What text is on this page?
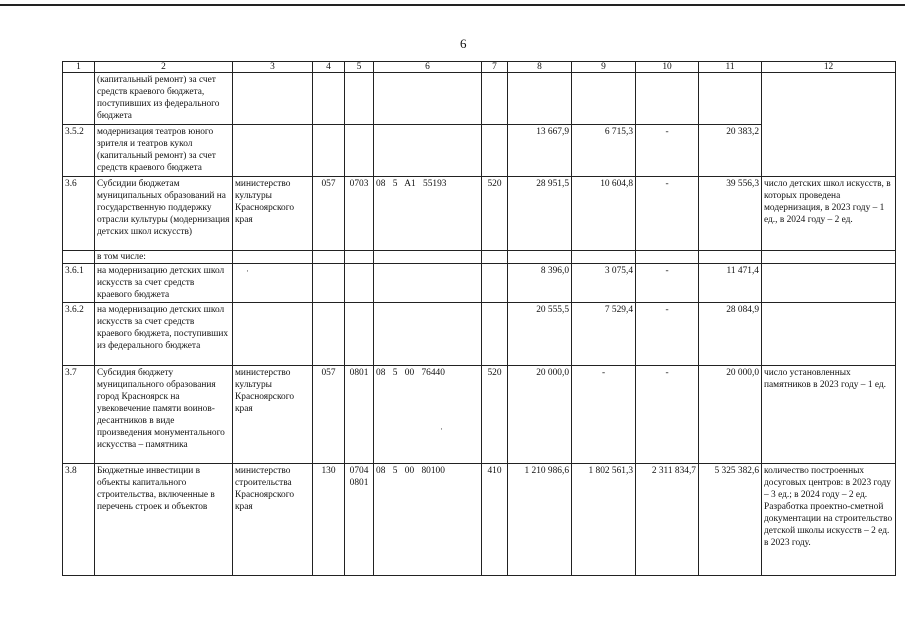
6
1	2	3	4	5	6	7	8	9	10	11	12
	(капитальный ремонт) за счет средств краевого бюджета, поступивших из федерального бюджета										
3.5.2	модернизация театров юного зрителя и театров кукол (капитальный ремонт) за счет средств краевого бюджета						13 667,9	6 715,3	-	20 383,2	
3.6	Субсидии бюджетам муниципальных образований на государственную поддержку отрасли культуры (модернизация детских школ искусств)	министерство культуры Красноярского края	057	0703	08 5 A1 55193	520	28 951,5	10 604,8	-	39 556,3	число детских школ искусств, в которых проведена модернизация, в 2023 году – 1 ед., в 2024 году – 2 ед.
	в том числе:										
3.6.1	на модернизацию детских школ искусств за счет средств краевого бюджета						8 396,0	3 075,4	-	11 471,4	
3.6.2	на модернизацию детских школ искусств за счет средств краевого бюджета, поступивших из федерального бюджета						20 555,5	7 529,4	-	28 084,9	
3.7	Субсидия бюджету муниципального образования город Красноярск на увековечение памяти воинов-десантников в виде произведения монументального искусства – памятника	министерство культуры Красноярского края	057	0801	08 5 00 76440	520	20 000,0	-	-	20 000,0	число установленных памятников в 2023 году – 1 ед.
3.8	Бюджетные инвестиции в объекты капитального строительства, включенные в перечень строек и объектов	министерство строительства Красноярского края	130	0704 0801	08 5 00 80100	410	1 210 986,6	1 802 561,3	2 311 834,7	5 325 382,6	количество построенных досуговых центров: в 2023 году – 3 ед.; в 2024 году – 2 ед. Разработка проектно-сметной документации на строительство детской школы искусств – 2 ед. в 2023 году.
·
·
